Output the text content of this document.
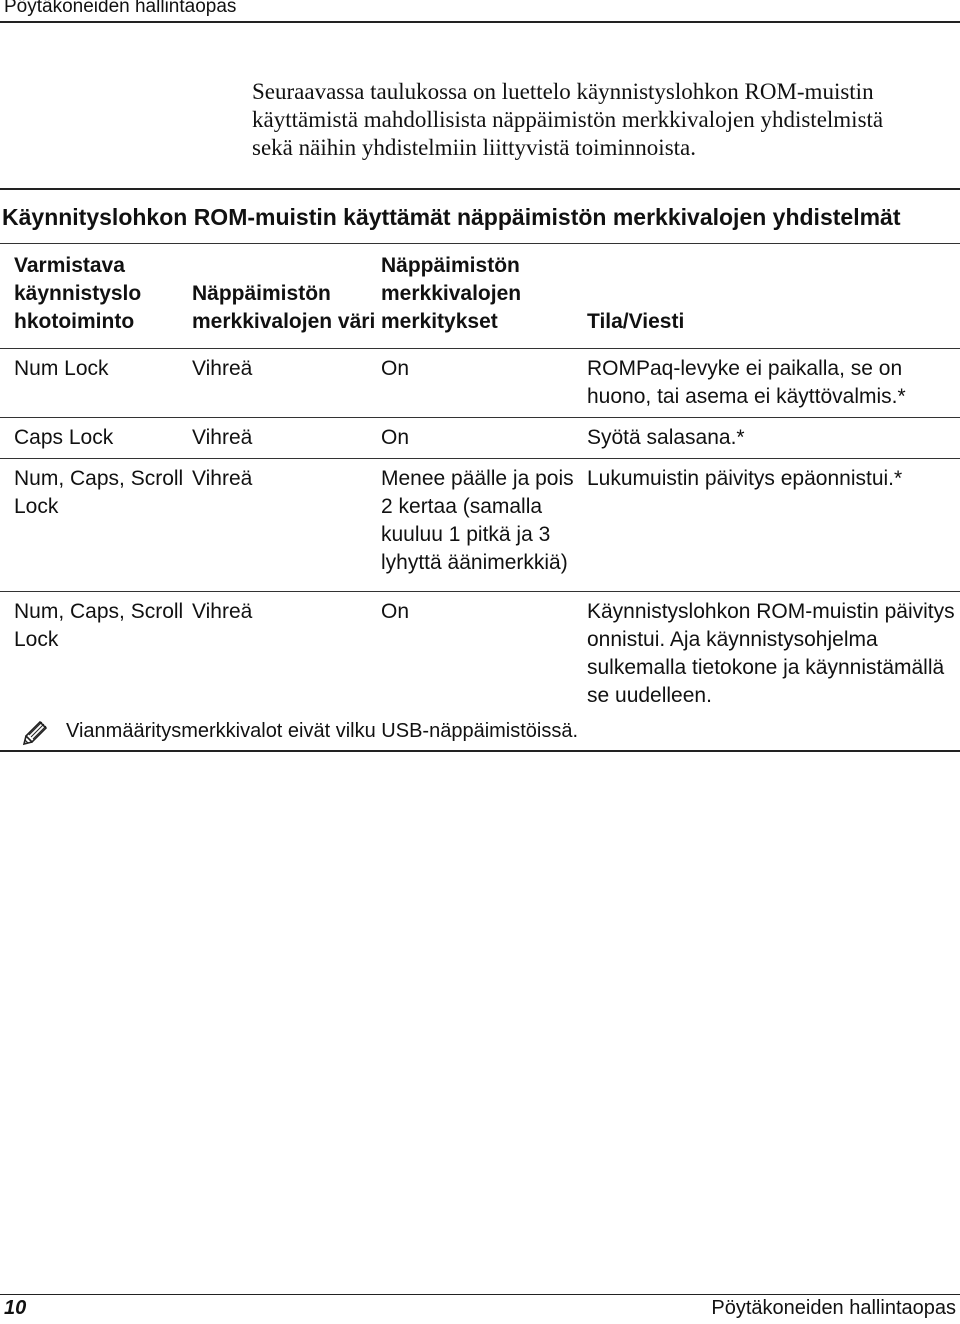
Pöytäkoneiden hallintaopas

Seuraavassa taulukossa on luettelo käynnistyslohkon ROM-muistin

käyttämistä mahdollisista näppäimistön merkkivalojen yhdistelmistä

sekä näihin yhdistelmiin liittyvistä toiminnoista.

Käynnityslohkon ROM-muistin käyttämät näppäimistön merkkivalojen yhdistelmät
Varmistava käynnistyslo hkotoiminto	Näppäimistön merkkivalojen väri	Näppäimistön merkkivalojen merkitykset	Tila/Viesti
Num Lock	Vihreä	On	ROMPaq-levyke ei paikalla, se on huono, tai asema ei käyttövalmis.*
Caps Lock	Vihreä	On	Syötä salasana.*
Num, Caps, Scroll Lock	Vihreä	Menee päälle ja pois 2 kertaa (samalla kuuluu 1 pitkä ja 3 lyhyttä äänimerkkiä)	Lukumuistin päivitys epäonnistui.*
Num, Caps, Scroll Lock	Vihreä	On	Käynnistyslohkon ROM-muistin päivitys onnistui. Aja käynnistysohjelma sulkemalla tietokone ja käynnistämällä se uudelleen.
Vianmääritysmerkkivalot eivät vilku USB-näppäimistöissä.
10	Pöytäkoneiden hallintaopas
